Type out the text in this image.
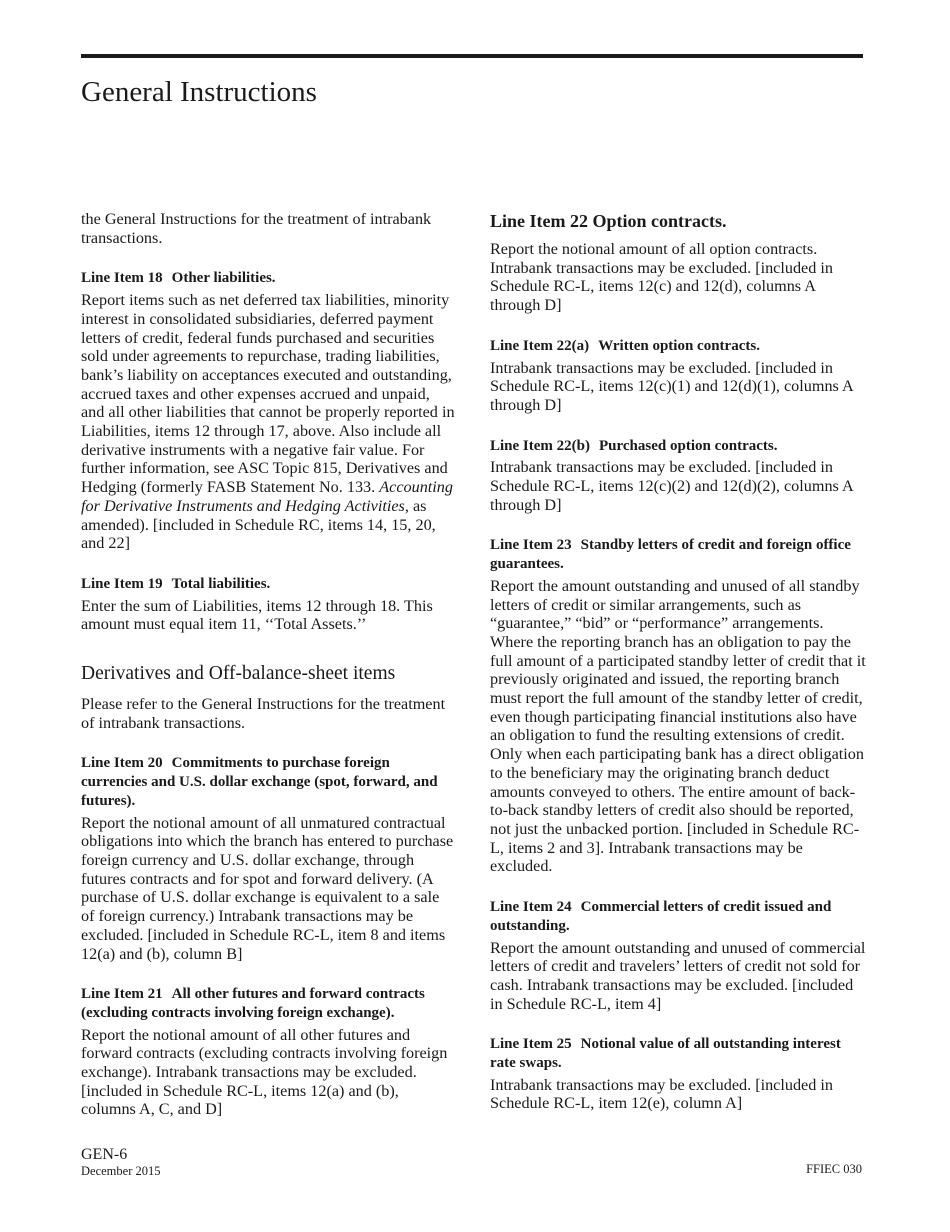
General Instructions

the General Instructions for the treatment of intrabank transactions.

Line Item 18 Other liabilities.

Report items such as net deferred tax liabilities, minority interest in consolidated subsidiaries, deferred payment letters of credit, federal funds purchased and securities sold under agreements to repurchase, trading liabilities, bank’s liability on acceptances executed and outstanding, accrued taxes and other expenses accrued and unpaid, and all other liabilities that cannot be properly reported in Liabilities, items 12 through 17, above. Also include all derivative instruments with a negative fair value. For further information, see ASC Topic 815, Derivatives and Hedging (formerly FASB Statement No. 133. Accounting for Derivative Instruments and Hedging Activities, as amended). [included in Schedule RC, items 14, 15, 20, and 22]

Line Item 19 Total liabilities.

Enter the sum of Liabilities, items 12 through 18. This amount must equal item 11, ‘‘Total Assets.’’

Derivatives and Off-balance-sheet items

Please refer to the General Instructions for the treatment of intrabank transactions.

Line Item 20 Commitments to purchase foreign currencies and U.S. dollar exchange (spot, forward, and futures).

Report the notional amount of all unmatured contractual obligations into which the branch has entered to purchase foreign currency and U.S. dollar exchange, through futures contracts and for spot and forward delivery. (A purchase of U.S. dollar exchange is equivalent to a sale of foreign currency.) Intrabank transactions may be excluded. [included in Schedule RC-L, item 8 and items 12(a) and (b), column B]

Line Item 21 All other futures and forward contracts (excluding contracts involving foreign exchange).

Report the notional amount of all other futures and forward contracts (excluding contracts involving foreign exchange). Intrabank transactions may be excluded. [included in Schedule RC-L, items 12(a) and (b), columns A, C, and D]

Line Item 22 Option contracts.

Report the notional amount of all option contracts. Intrabank transactions may be excluded. [included in Schedule RC-L, items 12(c) and 12(d), columns A through D]

Line Item 22(a) Written option contracts.

Intrabank transactions may be excluded. [included in Schedule RC-L, items 12(c)(1) and 12(d)(1), columns A through D]

Line Item 22(b) Purchased option contracts.

Intrabank transactions may be excluded. [included in Schedule RC-L, items 12(c)(2) and 12(d)(2), columns A through D]

Line Item 23 Standby letters of credit and foreign office guarantees.

Report the amount outstanding and unused of all standby letters of credit or similar arrangements, such as “guarantee,” “bid” or “performance” arrangements. Where the reporting branch has an obligation to pay the full amount of a participated standby letter of credit that it previously originated and issued, the reporting branch must report the full amount of the standby letter of credit, even though participating financial institutions also have an obligation to fund the resulting extensions of credit. Only when each participating bank has a direct obligation to the beneficiary may the originating branch deduct amounts conveyed to others. The entire amount of back-to-back standby letters of credit also should be reported, not just the unbacked portion. [included in Schedule RC-L, items 2 and 3]. Intrabank transactions may be excluded.

Line Item 24 Commercial letters of credit issued and outstanding.

Report the amount outstanding and unused of commercial letters of credit and travelers’ letters of credit not sold for cash. Intrabank transactions may be excluded. [included in Schedule RC-L, item 4]

Line Item 25 Notional value of all outstanding interest rate swaps.

Intrabank transactions may be excluded. [included in Schedule RC-L, item 12(e), column A]

GEN-6
December 2015	FFIEC 030
